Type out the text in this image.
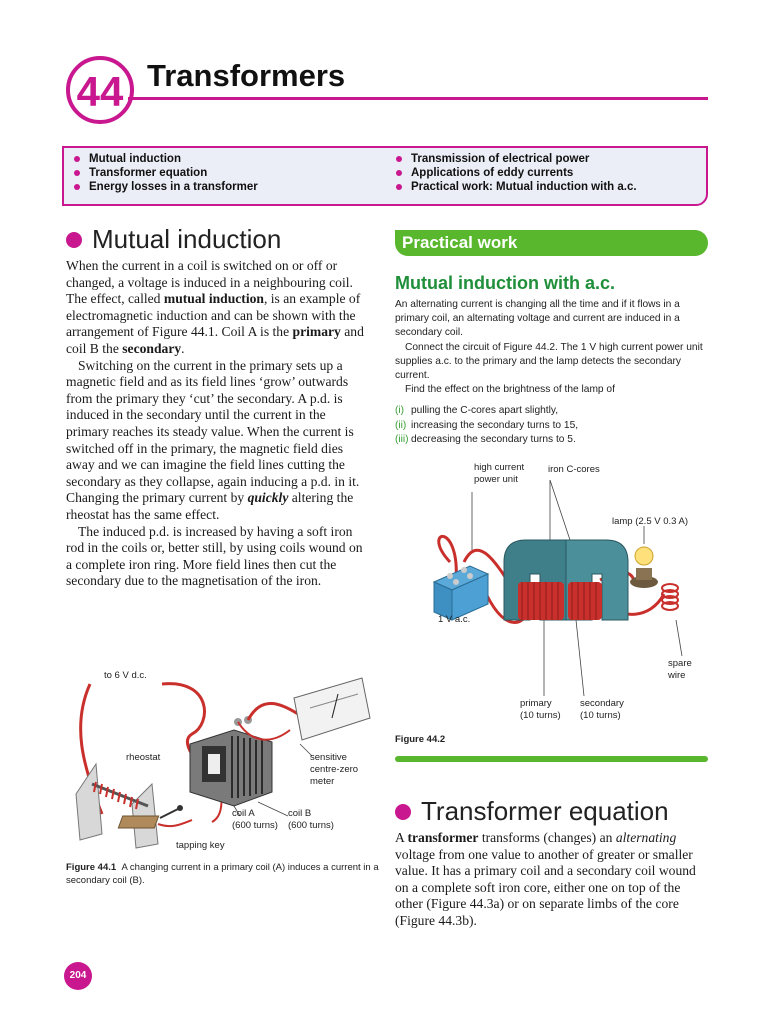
44 Transformers
Mutual induction
Transformer equation
Energy losses in a transformer
Transmission of electrical power
Applications of eddy currents
Practical work: Mutual induction with a.c.
Mutual induction

When the current in a coil is switched on or off or changed, a voltage is induced in a neighbouring coil. The effect, called mutual induction, is an example of electromagnetic induction and can be shown with the arrangement of Figure 44.1. Coil A is the primary and coil B the secondary.

Switching on the current in the primary sets up a magnetic field and as its field lines ‘grow’ outwards from the primary they ‘cut’ the secondary. A p.d. is induced in the secondary until the current in the primary reaches its steady value. When the current is switched off in the primary, the magnetic field dies away and we can imagine the field lines cutting the secondary as they collapse, again inducing a p.d. in it. Changing the primary current by quickly altering the rheostat has the same effect.

The induced p.d. is increased by having a soft iron rod in the coils or, better still, by using coils wound on a complete iron ring. More field lines then cut the secondary due to the magnetisation of the iron.

to 6 V d.c.
rheostat	sensitive
centre-zero
meter
coil A
(600 turns)
coil B
(600 turns)
tapping key
Figure 44.1 A changing current in a primary coil (A) induces a current in a secondary coil (B).
Practical work
Mutual induction with a.c.

An alternating current is changing all the time and if it flows in a primary coil, an alternating voltage and current are induced in a secondary coil.

Connect the circuit of Figure 44.2. The 1 V high current power unit supplies a.c. to the primary and the lamp detects the secondary current.

Find the effect on the brightness of the lamp of

(i) pulling the C-cores apart slightly,
(ii) increasing the secondary turns to 15,
(iii) decreasing the secondary turns to 5.
high current
power unit
iron C-cores
lamp (2.5 V 0.3 A)
1 V a.c.
spare
wire
primary
(10 turns)
secondary
(10 turns)
Figure 44.2
Transformer equation

A transformer transforms (changes) an alternating voltage from one value to another of greater or smaller value. It has a primary coil and a secondary coil wound on a complete soft iron core, either one on top of the other (Figure 44.3a) or on separate limbs of the core (Figure 44.3b).

204
